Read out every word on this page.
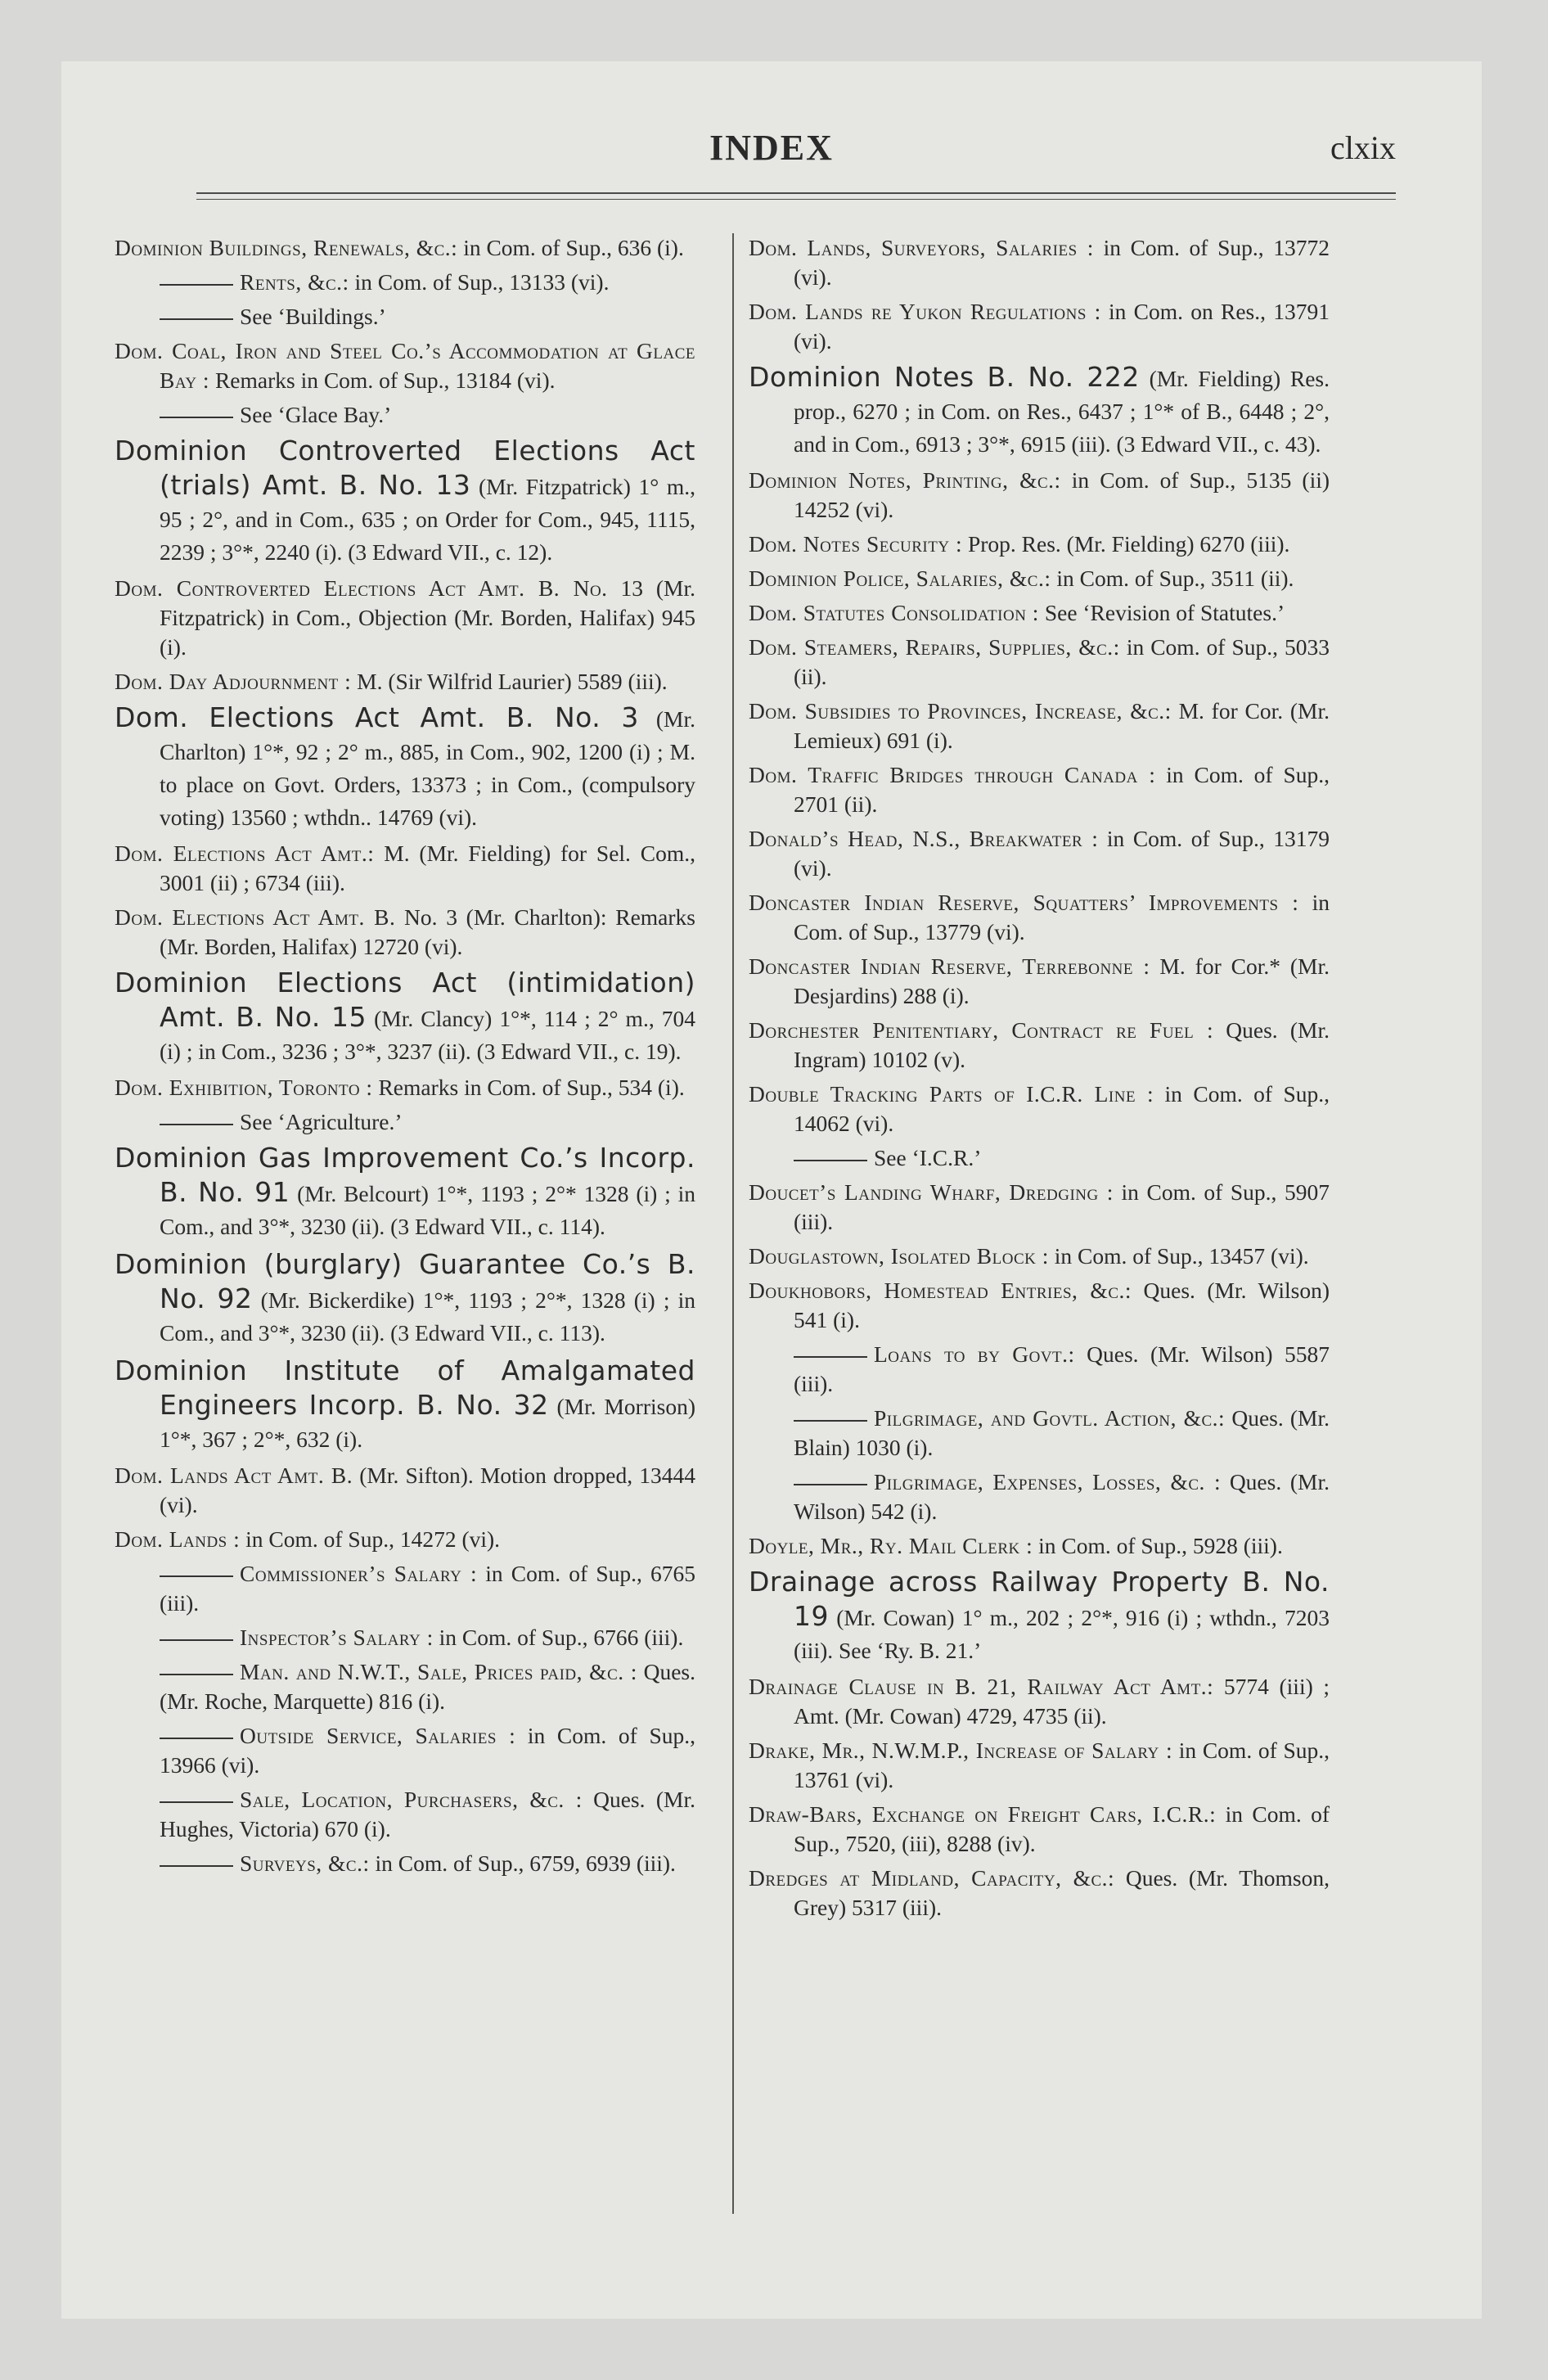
INDEX	clxix
Dominion Buildings, Renewals, &c.: in Com. of Sup., 636 (i).
Rents, &c.: in Com. of Sup., 13133 (vi).
See ‘Buildings.’
Dom. Coal, Iron and Steel Co.’s Accommodation at Glace Bay : Remarks in Com. of Sup., 13184 (vi).
See ‘Glace Bay.’
Dominion Controverted Elections Act (trials) Amt. B. No. 13 (Mr. Fitzpatrick) 1° m., 95 ; 2°, and in Com., 635 ; on Order for Com., 945, 1115, 2239 ; 3°*, 2240 (i). (3 Edward VII., c. 12).
Dom. Controverted Elections Act Amt. B. No. 13 (Mr. Fitzpatrick) in Com., Objection (Mr. Borden, Halifax) 945 (i).
Dom. Day Adjournment : M. (Sir Wilfrid Laurier) 5589 (iii).
Dom. Elections Act Amt. B. No. 3 (Mr. Charlton) 1°*, 92 ; 2° m., 885, in Com., 902, 1200 (i) ; M. to place on Govt. Orders, 13373 ; in Com., (compulsory voting) 13560 ; wthdn.. 14769 (vi).
Dom. Elections Act Amt.: M. (Mr. Fielding) for Sel. Com., 3001 (ii) ; 6734 (iii).
Dom. Elections Act Amt. B. No. 3 (Mr. Charlton): Remarks (Mr. Borden, Halifax) 12720 (vi).
Dominion Elections Act (intimidation) Amt. B. No. 15 (Mr. Clancy) 1°*, 114 ; 2° m., 704 (i) ; in Com., 3236 ; 3°*, 3237 (ii). (3 Edward VII., c. 19).
Dom. Exhibition, Toronto : Remarks in Com. of Sup., 534 (i).
See ‘Agriculture.’
Dominion Gas Improvement Co.’s Incorp. B. No. 91 (Mr. Belcourt) 1°*, 1193 ; 2°* 1328 (i) ; in Com., and 3°*, 3230 (ii). (3 Edward VII., c. 114).
Dominion (burglary) Guarantee Co.’s B. No. 92 (Mr. Bickerdike) 1°*, 1193 ; 2°*, 1328 (i) ; in Com., and 3°*, 3230 (ii). (3 Edward VII., c. 113).
Dominion Institute of Amalgamated Engineers Incorp. B. No. 32 (Mr. Morrison) 1°*, 367 ; 2°*, 632 (i).
Dom. Lands Act Amt. B. (Mr. Sifton). Motion dropped, 13444 (vi).
Dom. Lands : in Com. of Sup., 14272 (vi).
Commissioner’s Salary : in Com. of Sup., 6765 (iii).
Inspector’s Salary : in Com. of Sup., 6766 (iii).
Man. and N.W.T., Sale, Prices paid, &c. : Ques. (Mr. Roche, Marquette) 816 (i).
Outside Service, Salaries : in Com. of Sup., 13966 (vi).
Sale, Location, Purchasers, &c. : Ques. (Mr. Hughes, Victoria) 670 (i).
Surveys, &c.: in Com. of Sup., 6759, 6939 (iii).
Dom. Lands, Surveyors, Salaries : in Com. of Sup., 13772 (vi).
Dom. Lands re Yukon Regulations : in Com. on Res., 13791 (vi).
Dominion Notes B. No. 222 (Mr. Fielding) Res. prop., 6270 ; in Com. on Res., 6437 ; 1°* of B., 6448 ; 2°, and in Com., 6913 ; 3°*, 6915 (iii). (3 Edward VII., c. 43).
Dominion Notes, Printing, &c.: in Com. of Sup., 5135 (ii) 14252 (vi).
Dom. Notes Security : Prop. Res. (Mr. Fielding) 6270 (iii).
Dominion Police, Salaries, &c.: in Com. of Sup., 3511 (ii).
Dom. Statutes Consolidation : See ‘Revision of Statutes.’
Dom. Steamers, Repairs, Supplies, &c.: in Com. of Sup., 5033 (ii).
Dom. Subsidies to Provinces, Increase, &c.: M. for Cor. (Mr. Lemieux) 691 (i).
Dom. Traffic Bridges through Canada : in Com. of Sup., 2701 (ii).
Donald’s Head, N.S., Breakwater : in Com. of Sup., 13179 (vi).
Doncaster Indian Reserve, Squatters’ Improvements : in Com. of Sup., 13779 (vi).
Doncaster Indian Reserve, Terrebonne : M. for Cor.* (Mr. Desjardins) 288 (i).
Dorchester Penitentiary, Contract re Fuel : Ques. (Mr. Ingram) 10102 (v).
Double Tracking Parts of I.C.R. Line : in Com. of Sup., 14062 (vi).
See ‘I.C.R.’
Doucet’s Landing Wharf, Dredging : in Com. of Sup., 5907 (iii).
Douglastown, Isolated Block : in Com. of Sup., 13457 (vi).
Doukhobors, Homestead Entries, &c.: Ques. (Mr. Wilson) 541 (i).
Loans to by Govt.: Ques. (Mr. Wilson) 5587 (iii).
Pilgrimage, and Govtl. Action, &c.: Ques. (Mr. Blain) 1030 (i).
Pilgrimage, Expenses, Losses, &c. : Ques. (Mr. Wilson) 542 (i).
Doyle, Mr., Ry. Mail Clerk : in Com. of Sup., 5928 (iii).
Drainage across Railway Property B. No. 19 (Mr. Cowan) 1° m., 202 ; 2°*, 916 (i) ; wthdn., 7203 (iii). See ‘Ry. B. 21.’
Drainage Clause in B. 21, Railway Act Amt.: 5774 (iii) ; Amt. (Mr. Cowan) 4729, 4735 (ii).
Drake, Mr., N.W.M.P., Increase of Salary : in Com. of Sup., 13761 (vi).
Draw-Bars, Exchange on Freight Cars, I.C.R.: in Com. of Sup., 7520, (iii), 8288 (iv).
Dredges at Midland, Capacity, &c.: Ques. (Mr. Thomson, Grey) 5317 (iii).
